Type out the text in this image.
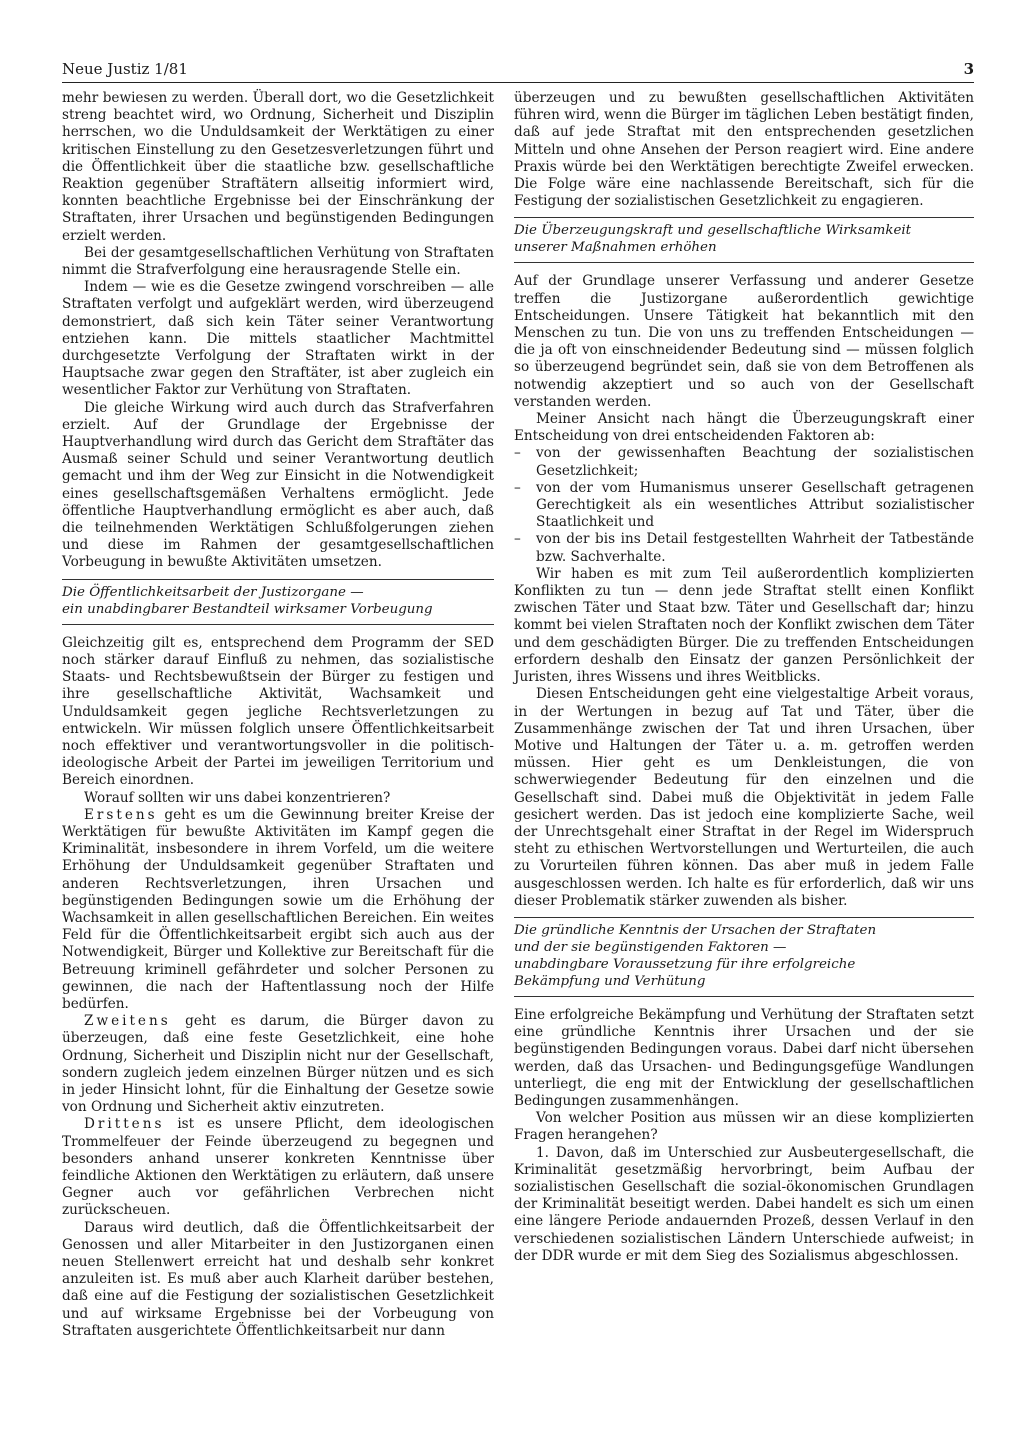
Neue Justiz 1/81	3

mehr bewiesen zu werden. Überall dort, wo die Gesetzlichkeit streng beachtet wird, wo Ordnung, Sicherheit und Disziplin herrschen, wo die Unduldsamkeit der Werktätigen zu einer kritischen Einstellung zu den Gesetzesverletzungen führt und die Öffentlichkeit über die staatliche bzw. gesellschaftliche Reaktion gegenüber Straftätern allseitig informiert wird, konnten beachtliche Ergebnisse bei der Einschränkung der Straftaten, ihrer Ursachen und begünstigenden Bedingungen erzielt werden.

Bei der gesamtgesellschaftlichen Verhütung von Straftaten nimmt die Strafverfolgung eine herausragende Stelle ein.

Indem — wie es die Gesetze zwingend vorschreiben — alle Straftaten verfolgt und aufgeklärt werden, wird überzeugend demonstriert, daß sich kein Täter seiner Verantwortung entziehen kann. Die mittels staatlicher Machtmittel durchgesetzte Verfolgung der Straftaten wirkt in der Hauptsache zwar gegen den Straftäter, ist aber zugleich ein wesentlicher Faktor zur Verhütung von Straftaten.

Die gleiche Wirkung wird auch durch das Strafverfahren erzielt. Auf der Grundlage der Ergebnisse der Hauptverhandlung wird durch das Gericht dem Straftäter das Ausmaß seiner Schuld und seiner Verantwortung deutlich gemacht und ihm der Weg zur Einsicht in die Notwendigkeit eines gesellschaftsgemäßen Verhaltens ermöglicht. Jede öffentliche Hauptverhandlung ermöglicht es aber auch, daß die teilnehmenden Werktätigen Schlußfolgerungen ziehen und diese im Rahmen der gesamtgesellschaftlichen Vorbeugung in bewußte Aktivitäten umsetzen.

Die Öffentlichkeitsarbeit der Justizorgane —
ein unabdingbarer Bestandteil wirksamer Vorbeugung

Gleichzeitig gilt es, entsprechend dem Programm der SED noch stärker darauf Einfluß zu nehmen, das sozialistische Staats- und Rechtsbewußtsein der Bürger zu festigen und ihre gesellschaftliche Aktivität, Wachsamkeit und Unduldsamkeit gegen jegliche Rechtsverletzungen zu entwickeln. Wir müssen folglich unsere Öffentlichkeitsarbeit noch effektiver und verantwortungsvoller in die politisch-ideologische Arbeit der Partei im jeweiligen Territorium und Bereich einordnen.

Worauf sollten wir uns dabei konzentrieren?

Erstens geht es um die Gewinnung breiter Kreise der Werktätigen für bewußte Aktivitäten im Kampf gegen die Kriminalität, insbesondere in ihrem Vorfeld, um die weitere Erhöhung der Unduldsamkeit gegenüber Straftaten und anderen Rechtsverletzungen, ihren Ursachen und begünstigenden Bedingungen sowie um die Erhöhung der Wachsamkeit in allen gesellschaftlichen Bereichen. Ein weites Feld für die Öffentlichkeitsarbeit ergibt sich auch aus der Notwendigkeit, Bürger und Kollektive zur Bereitschaft für die Betreuung kriminell gefährdeter und solcher Personen zu gewinnen, die nach der Haftentlassung noch der Hilfe bedürfen.

Zweitens geht es darum, die Bürger davon zu überzeugen, daß eine feste Gesetzlichkeit, eine hohe Ordnung, Sicherheit und Disziplin nicht nur der Gesellschaft, sondern zugleich jedem einzelnen Bürger nützen und es sich in jeder Hinsicht lohnt, für die Einhaltung der Gesetze sowie von Ordnung und Sicherheit aktiv einzutreten.

Drittens ist es unsere Pflicht, dem ideologischen Trommelfeuer der Feinde überzeugend zu begegnen und besonders anhand unserer konkreten Kenntnisse über feindliche Aktionen den Werktätigen zu erläutern, daß unsere Gegner auch vor gefährlichen Verbrechen nicht zurückscheuen.

Daraus wird deutlich, daß die Öffentlichkeitsarbeit der Genossen und aller Mitarbeiter in den Justizorganen einen neuen Stellenwert erreicht hat und deshalb sehr konkret anzuleiten ist. Es muß aber auch Klarheit darüber bestehen, daß eine auf die Festigung der sozialistischen Gesetzlichkeit und auf wirksame Ergebnisse bei der Vorbeugung von Straftaten ausgerichtete Öffentlichkeitsarbeit nur dann

überzeugen und zu bewußten gesellschaftlichen Aktivitäten führen wird, wenn die Bürger im täglichen Leben bestätigt finden, daß auf jede Straftat mit den entsprechenden gesetzlichen Mitteln und ohne Ansehen der Person reagiert wird. Eine andere Praxis würde bei den Werktätigen berechtigte Zweifel erwecken. Die Folge wäre eine nachlassende Bereitschaft, sich für die Festigung der sozialistischen Gesetzlichkeit zu engagieren.

Die Überzeugungskraft und gesellschaftliche Wirksamkeit
unserer Maßnahmen erhöhen

Auf der Grundlage unserer Verfassung und anderer Gesetze treffen die Justizorgane außerordentlich gewichtige Entscheidungen. Unsere Tätigkeit hat bekanntlich mit den Menschen zu tun. Die von uns zu treffenden Entscheidungen — die ja oft von einschneidender Bedeutung sind — müssen folglich so überzeugend begründet sein, daß sie von dem Betroffenen als notwendig akzeptiert und so auch von der Gesellschaft verstanden werden.

Meiner Ansicht nach hängt die Überzeugungskraft einer Entscheidung von drei entscheidenden Faktoren ab:

– von der gewissenhaften Beachtung der sozialistischen Gesetzlichkeit;
– von der vom Humanismus unserer Gesellschaft getragenen Gerechtigkeit als ein wesentliches Attribut sozialistischer Staatlichkeit und
– von der bis ins Detail festgestellten Wahrheit der Tatbestände bzw. Sachverhalte.

Wir haben es mit zum Teil außerordentlich komplizierten Konflikten zu tun — denn jede Straftat stellt einen Konflikt zwischen Täter und Staat bzw. Täter und Gesellschaft dar; hinzu kommt bei vielen Straftaten noch der Konflikt zwischen dem Täter und dem geschädigten Bürger. Die zu treffenden Entscheidungen erfordern deshalb den Einsatz der ganzen Persönlichkeit der Juristen, ihres Wissens und ihres Weitblicks.

Diesen Entscheidungen geht eine vielgestaltige Arbeit voraus, in der Wertungen in bezug auf Tat und Täter, über die Zusammenhänge zwischen der Tat und ihren Ursachen, über Motive und Haltungen der Täter u. a. m. getroffen werden müssen. Hier geht es um Denkleistungen, die von schwerwiegender Bedeutung für den einzelnen und die Gesellschaft sind. Dabei muß die Objektivität in jedem Falle gesichert werden. Das ist jedoch eine komplizierte Sache, weil der Unrechtsgehalt einer Straftat in der Regel im Widerspruch steht zu ethischen Wertvorstellungen und Werturteilen, die auch zu Vorurteilen führen können. Das aber muß in jedem Falle ausgeschlossen werden. Ich halte es für erforderlich, daß wir uns dieser Problematik stärker zuwenden als bisher.

Die gründliche Kenntnis der Ursachen der Straftaten
und der sie begünstigenden Faktoren —
unabdingbare Voraussetzung für ihre erfolgreiche
Bekämpfung und Verhütung

Eine erfolgreiche Bekämpfung und Verhütung der Straftaten setzt eine gründliche Kenntnis ihrer Ursachen und der sie begünstigenden Bedingungen voraus. Dabei darf nicht übersehen werden, daß das Ursachen- und Bedingungsgefüge Wandlungen unterliegt, die eng mit der Entwicklung der gesellschaftlichen Bedingungen zusammenhängen.

Von welcher Position aus müssen wir an diese komplizierten Fragen herangehen?

1. Davon, daß im Unterschied zur Ausbeutergesellschaft, die Kriminalität gesetzmäßig hervorbringt, beim Aufbau der sozialistischen Gesellschaft die sozial-ökonomischen Grundlagen der Kriminalität beseitigt werden. Dabei handelt es sich um einen eine längere Periode andauernden Prozeß, dessen Verlauf in den verschiedenen sozialistischen Ländern Unterschiede aufweist; in der DDR wurde er mit dem Sieg des Sozialismus abgeschlossen.
